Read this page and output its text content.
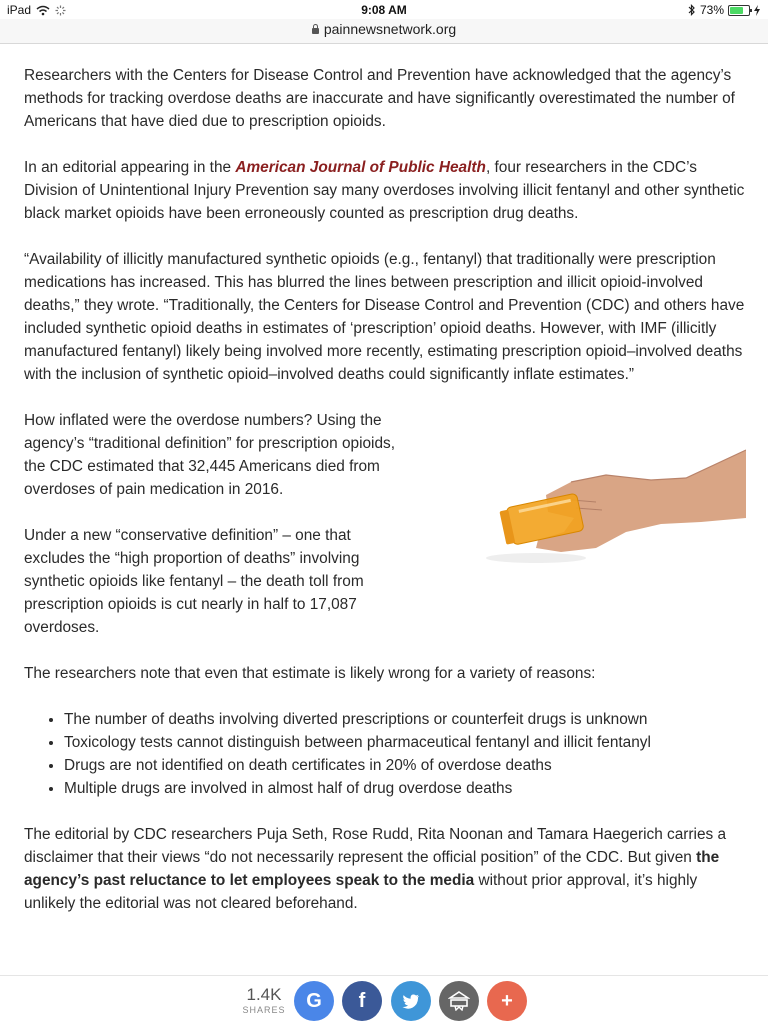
iPad	9:08 AM	73%
painnewsnetwork.org

Researchers with the Centers for Disease Control and Prevention have acknowledged that the agency’s methods for tracking overdose deaths are inaccurate and have significantly overestimated the number of Americans that have died due to prescription opioids.

In an editorial appearing in the American Journal of Public Health, four researchers in the CDC’s Division of Unintentional Injury Prevention say many overdoses involving illicit fentanyl and other synthetic black market opioids have been erroneously counted as prescription drug deaths.

“Availability of illicitly manufactured synthetic opioids (e.g., fentanyl) that traditionally were prescription medications has increased. This has blurred the lines between prescription and illicit opioid-involved deaths,” they wrote. “Traditionally, the Centers for Disease Control and Prevention (CDC) and others have included synthetic opioid deaths in estimates of ‘prescription’ opioid deaths. However, with IMF (illicitly manufactured fentanyl) likely being involved more recently, estimating prescription opioid–involved deaths with the inclusion of synthetic opioid–involved deaths could significantly inflate estimates.”

How inflated were the overdose numbers? Using the agency’s “traditional definition” for prescription opioids, the CDC estimated that 32,445 Americans died from overdoses of pain medication in 2016.

Under a new “conservative definition” – one that excludes the “high proportion of deaths” involving synthetic opioids like fentanyl – the death toll from prescription opioids is cut nearly in half to 17,087 overdoses.

The researchers note that even that estimate is likely wrong for a variety of reasons:

• The number of deaths involving diverted prescriptions or counterfeit drugs is unknown
• Toxicology tests cannot distinguish between pharmaceutical fentanyl and illicit fentanyl
• Drugs are not identified on death certificates in 20% of overdose deaths
• Multiple drugs are involved in almost half of drug overdose deaths

The editorial by CDC researchers Puja Seth, Rose Rudd, Rita Noonan and Tamara Haegerich carries a disclaimer that their views “do not necessarily represent the official position” of the CDC. But given the agency’s past reluctance to let employees speak to the media without prior approval, it’s highly unlikely the editorial was not cleared beforehand.

1.4K
SHARES	G	f	+
